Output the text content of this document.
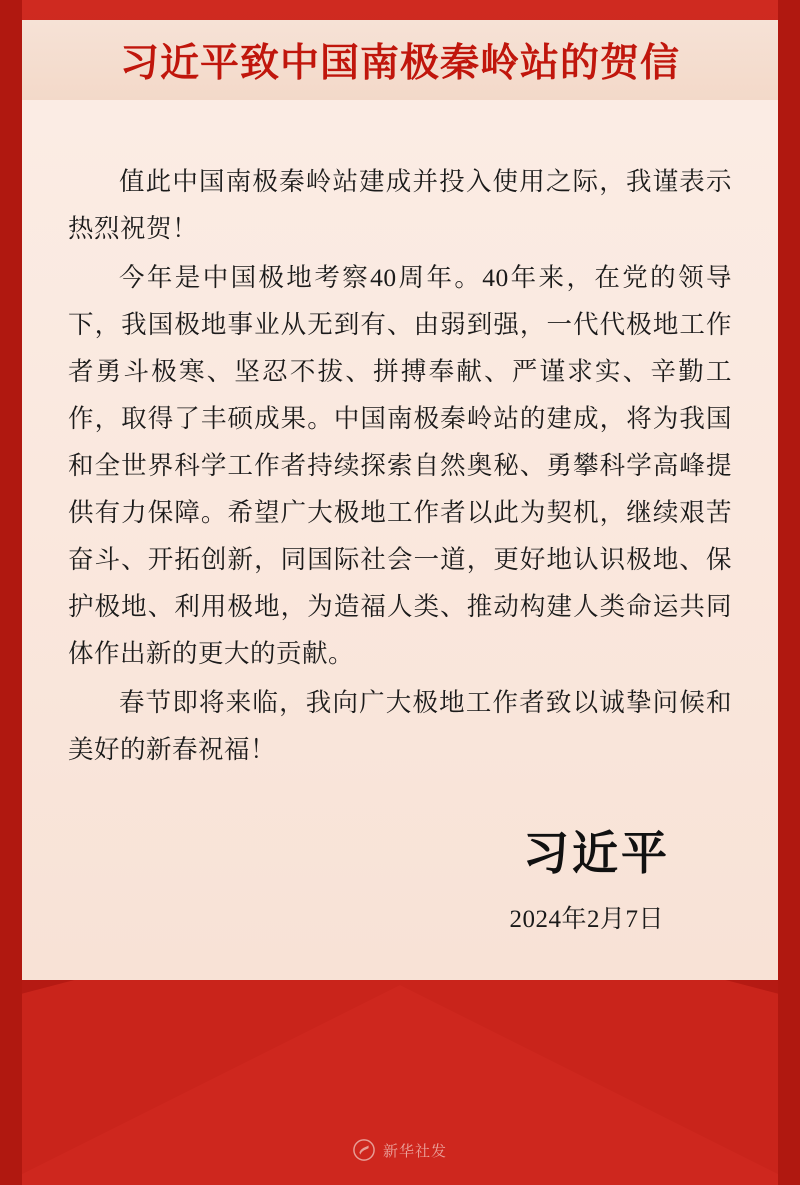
习近平致中国南极秦岭站的贺信

值此中国南极秦岭站建成并投入使用之际，我谨表示热烈祝贺！

今年是中国极地考察40周年。40年来，在党的领导下，我国极地事业从无到有、由弱到强，一代代极地工作者勇斗极寒、坚忍不拔、拼搏奉献、严谨求实、辛勤工作，取得了丰硕成果。中国南极秦岭站的建成，将为我国和全世界科学工作者持续探索自然奥秘、勇攀科学高峰提供有力保障。希望广大极地工作者以此为契机，继续艰苦奋斗、开拓创新，同国际社会一道，更好地认识极地、保护极地、利用极地，为造福人类、推动构建人类命运共同体作出新的更大的贡献。

春节即将来临，我向广大极地工作者致以诚挚问候和美好的新春祝福！

习近平
2024年2月7日
新华社发
